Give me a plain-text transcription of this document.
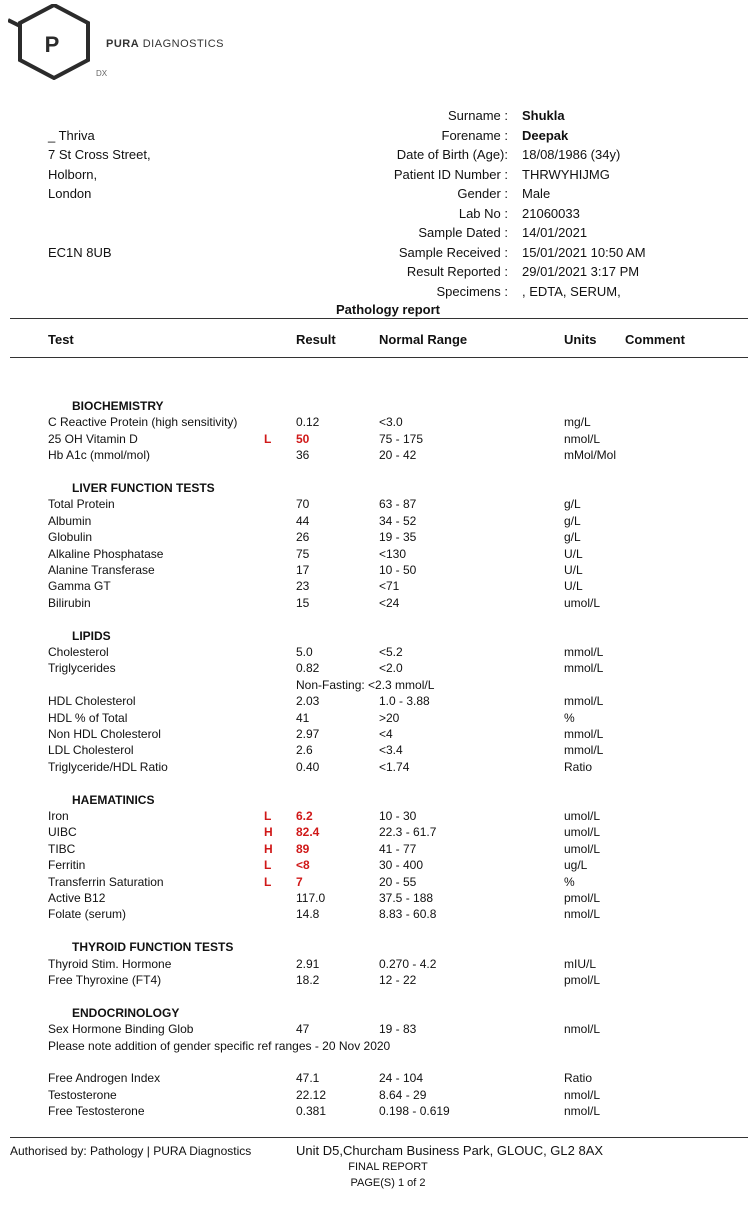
P
DX
PURA DIAGNOSTICS
_ Thriva
7 St Cross Street,
Holborn,
London
EC1N 8UB
Surname : Shukla
Forename : Deepak
Date of Birth (Age): 18/08/1986 (34y)
Patient ID Number : THRWYHIJMG
Gender : Male
Lab No : 21060033
Sample Dated : 14/01/2021
Sample Received : 15/01/2021 10:50 AM
Result Reported : 29/01/2021 3:17 PM
Specimens : , EDTA, SERUM,
Pathology report
Test	Result	Normal Range	Units Comment
BIOCHEMISTRY
C Reactive Protein (high sensitivity)	0.12	<3.0	mg/L
25 OH Vitamin D	L 50	75 - 175	nmol/L
Hb A1c (mmol/mol)	36	20 - 42	mMol/Mol
LIVER FUNCTION TESTS
Total Protein	70	63 - 87	g/L
Albumin	44	34 - 52	g/L
Globulin	26	19 - 35	g/L
Alkaline Phosphatase	75	<130	U/L
Alanine Transferase	17	10 - 50	U/L
Gamma GT	23	<71	U/L
Bilirubin	15	<24	umol/L
LIPIDS
Cholesterol	5.0	<5.2	mmol/L
Triglycerides	0.82	<2.0	mmol/L
Non-Fasting: <2.3 mmol/L
HDL Cholesterol	2.03	1.0 - 3.88	mmol/L
HDL % of Total	41	>20	%
Non HDL Cholesterol	2.97	<4	mmol/L
LDL Cholesterol	2.6	<3.4	mmol/L
Triglyceride/HDL Ratio	0.40	<1.74	Ratio
HAEMATINICS
Iron	L 6.2	10 - 30	umol/L
UIBC	H 82.4	22.3 - 61.7	umol/L
TIBC	H 89	41 - 77	umol/L
Ferritin	L <8	30 - 400	ug/L
Transferrin Saturation	L 7	20 - 55	%
Active B12	117.0	37.5 - 188	pmol/L
Folate (serum)	14.8	8.83 - 60.8	nmol/L
THYROID FUNCTION TESTS
Thyroid Stim. Hormone	2.91	0.270 - 4.2	mIU/L
Free Thyroxine (FT4)	18.2	12 - 22	pmol/L
ENDOCRINOLOGY
Sex Hormone Binding Glob	47	19 - 83	nmol/L
Please note addition of gender specific ref ranges - 20 Nov 2020
Free Androgen Index	47.1	24 - 104	Ratio
Testosterone	22.12	8.64 - 29	nmol/L
Free Testosterone	0.381	0.198 - 0.619	nmol/L
Authorised by: Pathology | PURA Diagnostics	Unit D5,Churcham Business Park, GLOUC, GL2 8AX
FINAL REPORT
PAGE(S) 1 of 2
